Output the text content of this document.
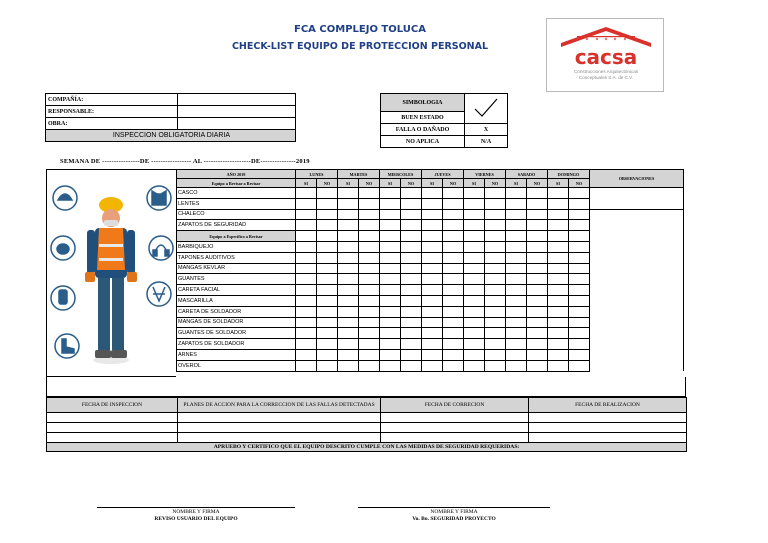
FCA COMPLEJO TOLUCA
CHECK-LIST EQUIPO DE PROTECCION PERSONAL	cacsa
Construcciones Arquitectónicas
Conceptuales S.A. de C.V.
COMPAÑÍA:	
RESPONSABLE:	
OBRA:	
INSPECCION OBLIGATORIA DIARIA	
SIMBOLOGIA	
BUEN ESTADO	
FALLA O DAÑADO	X
NO APLICA	N/A
SEMANA DE ----------------DE ----------------- AL --------------------DE---------------2019
AÑO 2019	LUNES		MARTES		MIERCOLES		JUEVES		VIERNES		SABADO		DOMINGO		OBSERVACIONES
Equipo a Revisar a Revisar	SI	NO	SI	NO	SI	NO	SI	NO	SI	NO	SI	NO	SI	NO	
CASCO															
LENTES															
CHALECO															
ZAPATOS DE SEGURIDAD															
Equipo a Especifico a Revisar															
BARBIQUEJO															
TAPONES AUDITIVOS															
MANGAS KEVLAR															
GUANTES															
CARETA FACIAL															
MASCARILLA															
CARETA DE SOLDADOR															
MANGAS DE SOLDADOR															
GUANTES DE SOLDADOR															
ZAPATOS DE SOLDADOR															
ARNES															
OVEROL															
FECHA DE INSPECCION	PLANES DE ACCION PARA LA CORRECCION DE LAS FALLAS DETECTADAS	FECHA DE CORRECION	FECHA DE REALIZACION

APRUEBO Y CERTIFICO QUE EL EQUIPO DESCRITO CUMPLE CON LAS MEDIDAS DE SEGURIDAD REQUERIDAS:			
NOMBRE Y FIRMA
REVISO USUARIO DEL EQUIPO
NOMBRE Y FIRMA
Vo. Bo. SEGURIDAD PROYECTO
